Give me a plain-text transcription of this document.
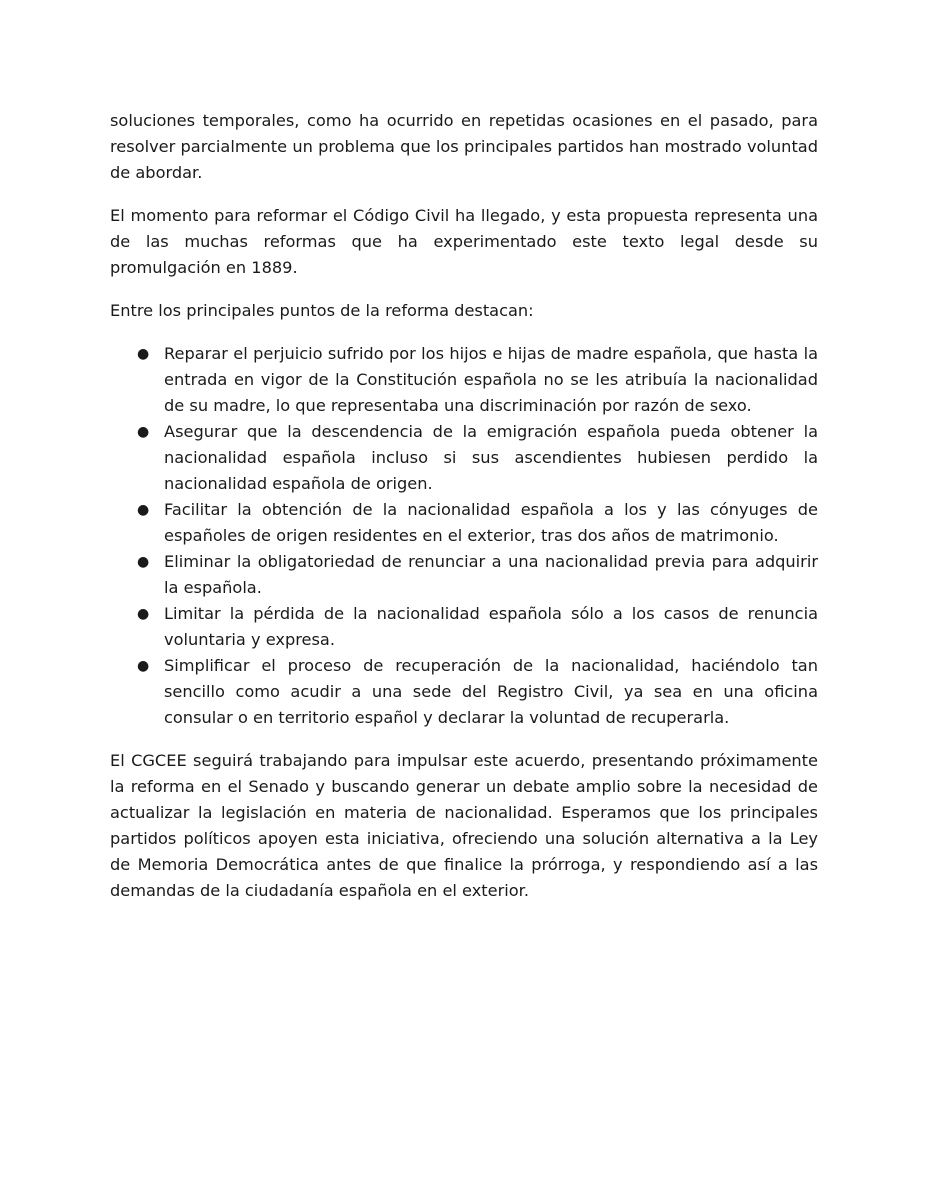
soluciones temporales, como ha ocurrido en repetidas ocasiones en el pasado, para resolver parcialmente un problema que los principales partidos han mostrado voluntad de abordar.

El momento para reformar el Código Civil ha llegado, y esta propuesta representa una de las muchas reformas que ha experimentado este texto legal desde su promulgación en 1889.

Entre los principales puntos de la reforma destacan:

● Reparar el perjuicio sufrido por los hijos e hijas de madre española, que hasta la entrada en vigor de la Constitución española no se les atribuía la nacionalidad de su madre, lo que representaba una discriminación por razón de sexo.
● Asegurar que la descendencia de la emigración española pueda obtener la nacionalidad española incluso si sus ascendientes hubiesen perdido la nacionalidad española de origen.
● Facilitar la obtención de la nacionalidad española a los y las cónyuges de españoles de origen residentes en el exterior, tras dos años de matrimonio.
● Eliminar la obligatoriedad de renunciar a una nacionalidad previa para adquirir la española.
● Limitar la pérdida de la nacionalidad española sólo a los casos de renuncia voluntaria y expresa.
● Simplificar el proceso de recuperación de la nacionalidad, haciéndolo tan sencillo como acudir a una sede del Registro Civil, ya sea en una oficina consular o en territorio español y declarar la voluntad de recuperarla.

El CGCEE seguirá trabajando para impulsar este acuerdo, presentando próximamente la reforma en el Senado y buscando generar un debate amplio sobre la necesidad de actualizar la legislación en materia de nacionalidad. Esperamos que los principales partidos políticos apoyen esta iniciativa, ofreciendo una solución alternativa a la Ley de Memoria Democrática antes de que finalice la prórroga, y respondiendo así a las demandas de la ciudadanía española en el exterior.
